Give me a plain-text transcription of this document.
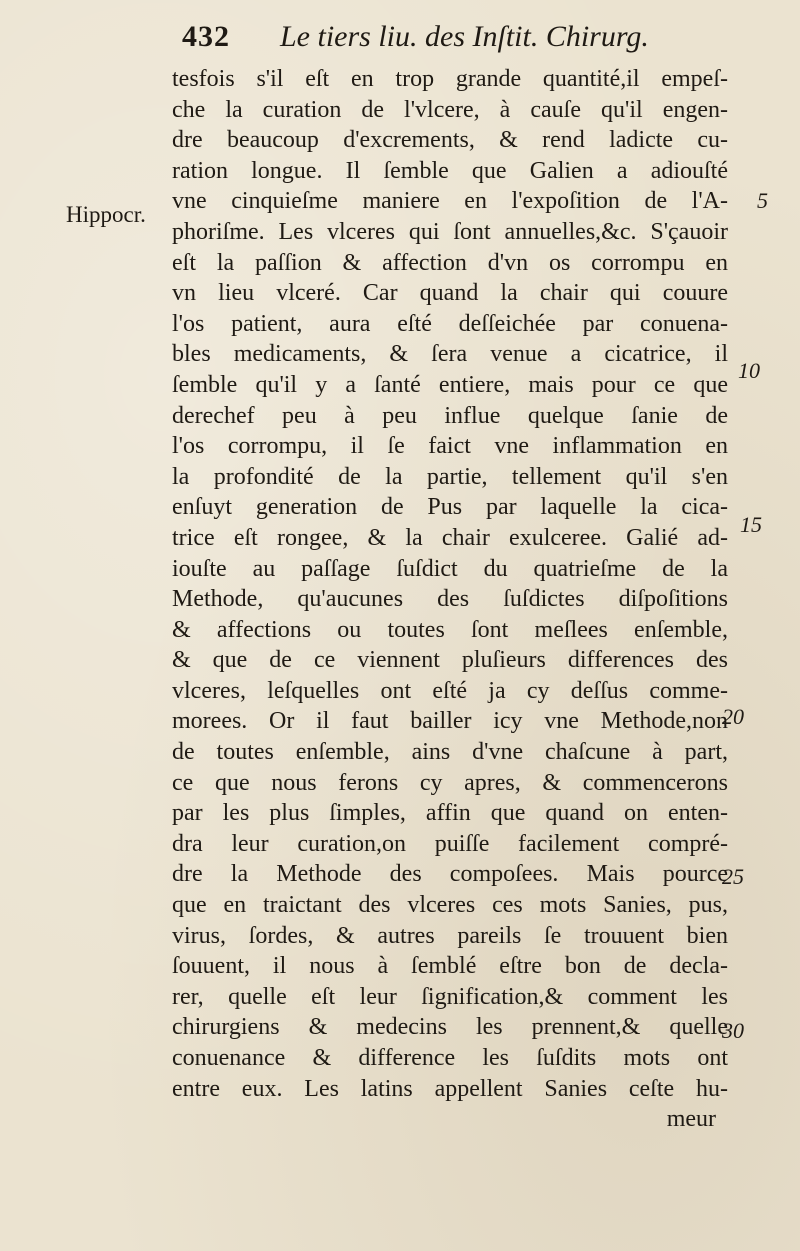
432 Le tiers liu. des Inſtit. Chirurg.
Hippocr.
5
10
15
20
25
30
tesfois s'il eſt en trop grande quantité,il empeſ-
che la curation de l'vlcere, à cauſe qu'il engen-
dre beaucoup d'excrements, & rend ladicte cu-
ration longue. Il ſemble que Galien a adiouſté
vne cinquieſme maniere en l'expoſition de l'A-
phoriſme. Les vlceres qui ſont annuelles,&c. S'çauoir
eſt la paſſion & affection d'vn os corrompu en
vn lieu vlceré. Car quand la chair qui couure
l'os patient, aura eſté deſſeichée par conuena-
bles medicaments, & ſera venue a cicatrice, il
ſemble qu'il y a ſanté entiere, mais pour ce que
derechef peu à peu influe quelque ſanie de
l'os corrompu, il ſe faict vne inflammation en
la profondité de la partie, tellement qu'il s'en
enſuyt generation de Pus par laquelle la cica-
trice eſt rongee, & la chair exulceree. Galié ad-
iouſte au paſſage ſuſdict du quatrieſme de la
Methode, qu'aucunes des ſuſdictes diſpoſitions
& affections ou toutes ſont meſlees enſemble,
& que de ce viennent pluſieurs differences des
vlceres, leſquelles ont eſté ja cy deſſus comme-
morees. Or il faut bailler icy vne Methode,non
de toutes enſemble, ains d'vne chaſcune à part,
ce que nous ferons cy apres, & commencerons
par les plus ſimples, affin que quand on enten-
dra leur curation,on puiſſe facilement compré-
dre la Methode des compoſees. Mais pource
que en traictant des vlceres ces mots Sanies, pus,
virus, ſordes, & autres pareils ſe trouuent bien
ſouuent, il nous à ſemblé eſtre bon de decla-
rer, quelle eſt leur ſignification,& comment les
chirurgiens & medecins les prennent,& quelle
conuenance & difference les ſuſdits mots ont
entre eux. Les latins appellent Sanies ceſte hu-
meur
